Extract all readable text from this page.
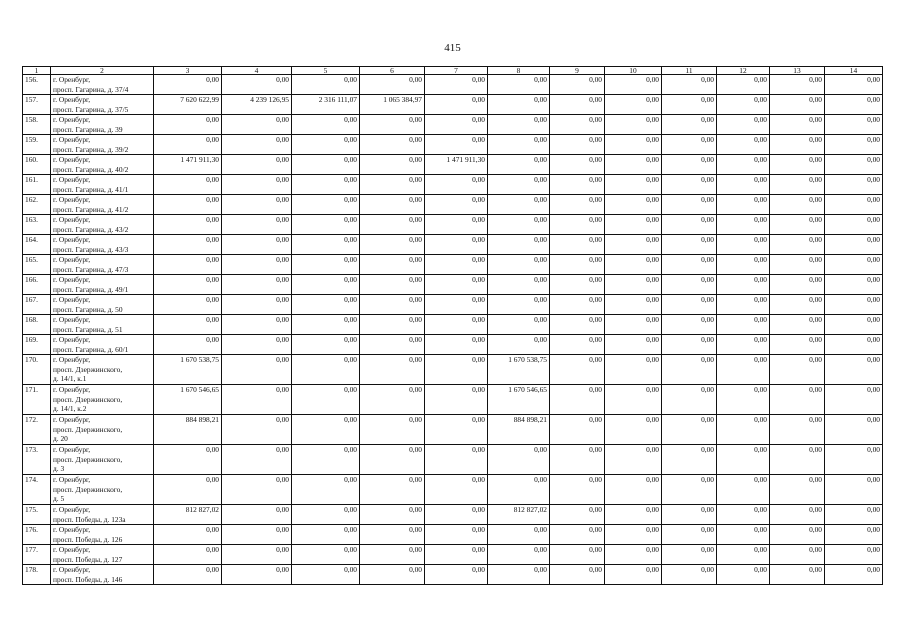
415
1	2	3	4	5	6	7	8	9	10	11	12	13	14
156.	г. Оренбург,
просп. Гагарина, д. 37/4	0,00	0,00	0,00	0,00	0,00	0,00	0,00	0,00	0,00	0,00	0,00	0,00
157.	г. Оренбург,
просп. Гагарина, д. 37/5	7 620 622,99	4 239 126,95	2 316 111,07	1 065 384,97	0,00	0,00	0,00	0,00	0,00	0,00	0,00	0,00
158.	г. Оренбург,
просп. Гагарина, д. 39	0,00	0,00	0,00	0,00	0,00	0,00	0,00	0,00	0,00	0,00	0,00	0,00
159.	г. Оренбург,
просп. Гагарина, д. 39/2	0,00	0,00	0,00	0,00	0,00	0,00	0,00	0,00	0,00	0,00	0,00	0,00
160.	г. Оренбург,
просп. Гагарина, д. 40/2	1 471 911,30	0,00	0,00	0,00	1 471 911,30	0,00	0,00	0,00	0,00	0,00	0,00	0,00
161.	г. Оренбург,
просп. Гагарина, д. 41/1	0,00	0,00	0,00	0,00	0,00	0,00	0,00	0,00	0,00	0,00	0,00	0,00
162.	г. Оренбург,
просп. Гагарина, д. 41/2	0,00	0,00	0,00	0,00	0,00	0,00	0,00	0,00	0,00	0,00	0,00	0,00
163.	г. Оренбург,
просп. Гагарина, д. 43/2	0,00	0,00	0,00	0,00	0,00	0,00	0,00	0,00	0,00	0,00	0,00	0,00
164.	г. Оренбург,
просп. Гагарина, д. 43/3	0,00	0,00	0,00	0,00	0,00	0,00	0,00	0,00	0,00	0,00	0,00	0,00
165.	г. Оренбург,
просп. Гагарина, д. 47/3	0,00	0,00	0,00	0,00	0,00	0,00	0,00	0,00	0,00	0,00	0,00	0,00
166.	г. Оренбург,
просп. Гагарина, д. 49/1	0,00	0,00	0,00	0,00	0,00	0,00	0,00	0,00	0,00	0,00	0,00	0,00
167.	г. Оренбург,
просп. Гагарина, д. 50	0,00	0,00	0,00	0,00	0,00	0,00	0,00	0,00	0,00	0,00	0,00	0,00
168.	г. Оренбург,
просп. Гагарина, д. 51	0,00	0,00	0,00	0,00	0,00	0,00	0,00	0,00	0,00	0,00	0,00	0,00
169.	г. Оренбург,
просп. Гагарина, д. 60/1	0,00	0,00	0,00	0,00	0,00	0,00	0,00	0,00	0,00	0,00	0,00	0,00
170.	г. Оренбург,
просп. Дзержинского,
д. 14/1, к.1	1 670 538,75	0,00	0,00	0,00	0,00	1 670 538,75	0,00	0,00	0,00	0,00	0,00	0,00
171.	г. Оренбург,
просп. Дзержинского,
д. 14/1, к.2	1 670 546,65	0,00	0,00	0,00	0,00	1 670 546,65	0,00	0,00	0,00	0,00	0,00	0,00
172.	г. Оренбург,
просп. Дзержинского,
д. 20	884 898,21	0,00	0,00	0,00	0,00	884 898,21	0,00	0,00	0,00	0,00	0,00	0,00
173.	г. Оренбург,
просп. Дзержинского,
д. 3	0,00	0,00	0,00	0,00	0,00	0,00	0,00	0,00	0,00	0,00	0,00	0,00
174.	г. Оренбург,
просп. Дзержинского,
д. 5	0,00	0,00	0,00	0,00	0,00	0,00	0,00	0,00	0,00	0,00	0,00	0,00
175.	г. Оренбург,
просп. Победы, д. 123а	812 827,02	0,00	0,00	0,00	0,00	812 827,02	0,00	0,00	0,00	0,00	0,00	0,00
176.	г. Оренбург,
просп. Победы, д. 126	0,00	0,00	0,00	0,00	0,00	0,00	0,00	0,00	0,00	0,00	0,00	0,00
177.	г. Оренбург,
просп. Победы, д. 127	0,00	0,00	0,00	0,00	0,00	0,00	0,00	0,00	0,00	0,00	0,00	0,00
178.	г. Оренбург,
просп. Победы, д. 146	0,00	0,00	0,00	0,00	0,00	0,00	0,00	0,00	0,00	0,00	0,00	0,00
